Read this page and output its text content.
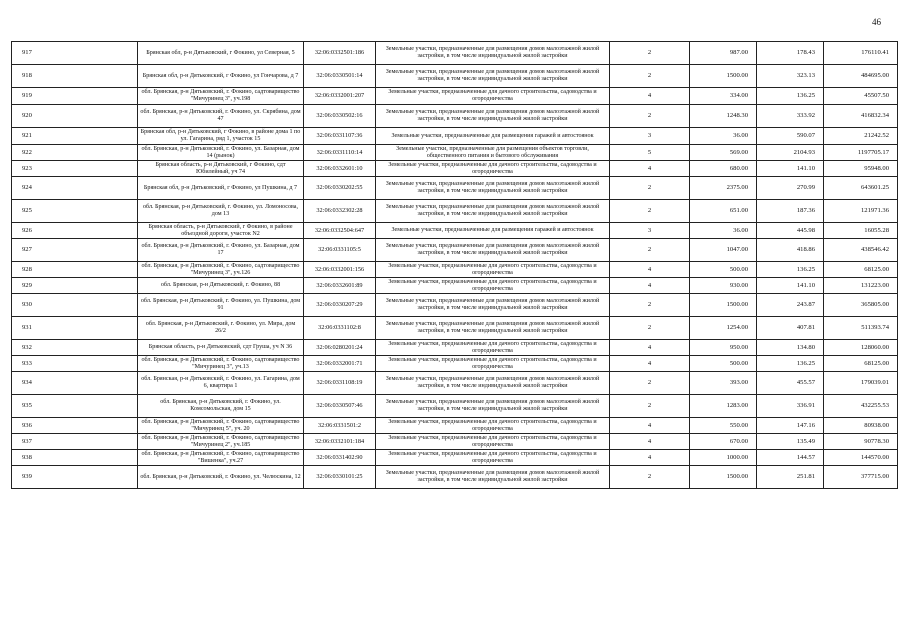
46
917	Брянская обл, р-н Дятьковский, г Фокино, ул Северная, 5	32:06:0332501:186	Земельные участки, предназначенные для размещения домов малоэтажной жилой застройки, в том числе индивидуальной жилой застройки	2	987.00	178.43	176110.41
918	Брянская обл, р-н Дятьковский, г Фокино, ул Гончарова, д 7	32:06:0330501:14	Земельные участки, предназначенные для размещения домов малоэтажной жилой застройки, в том числе индивидуальной жилой застройки	2	1500.00	323.13	484695.00
919	обл. Брянская, р-н Дятьковский, г. Фокино, садтоварищество "Мичуринец 3", уч.198	32:06:0332001:207	Земельные участки, предназначенные для дачного строительства, садоводства и огородничества	4	334.00	136.25	45507.50
920	обл. Брянская, р-н Дятьковский, г. Фокино, ул. Скрябина, дом 47	32:06:0330502:16	Земельные участки, предназначенные для размещения домов малоэтажной жилой застройки, в том числе индивидуальной жилой застройки	2	1248.30	333.92	416832.34
921	Брянская обл, р-н Дятьковский, г Фокино, в районе дома 1 по ул. Гагарина, ряд 1, участок 15	32:06:0331107:36	Земельные участки, предназначенные для размещения гаражей и автостоянок	3	36.00	590.07	21242.52
922	обл. Брянская, р-н Дятьковский, г. Фокино, ул. Базарная, дом 14 (рынок)	32:06:0331110:14	Земельные участки, предназначенные для размещения объектов торговли, общественного питания и бытового обслуживания	5	569.00	2104.93	1197705.17
923	Брянская область, р-н Дятьковский, г Фокино, сдт Юбилейный, уч 74	32:06:0332601:10	Земельные участки, предназначенные для дачного строительства, садоводства и огородничества	4	680.00	141.10	95948.00
924	Брянская обл, р-н Дятьковский, г Фокино, ул Пушкина, д 7	32:06:0330202:55	Земельные участки, предназначенные для размещения домов малоэтажной жилой застройки, в том числе индивидуальной жилой застройки	2	2375.00	270.99	643601.25
925	обл. Брянская, р-н Дятьковский, г. Фокино, ул. Ломоносова, дом 13	32:06:0332302:28	Земельные участки, предназначенные для размещения домов малоэтажной жилой застройки, в том числе индивидуальной жилой застройки	2	651.00	187.36	121971.36
926	Брянская область, р-н Дятьковский, г Фокино, в районе объездной дороги, участок N2	32:06:0332504:647	Земельные участки, предназначенные для размещения гаражей и автостоянок	3	36.00	445.98	16055.28
927	обл. Брянская, р-н Дятьковский, г. Фокино, ул. Базарная, дом 17	32:06:0331105:5	Земельные участки, предназначенные для размещения домов малоэтажной жилой застройки, в том числе индивидуальной жилой застройки	2	1047.00	418.86	438546.42
928	обл. Брянская, р-н Дятьковский, г. Фокино, садтоварищество "Мичуринец 3", уч.126	32:06:0332001:156	Земельные участки, предназначенные для дачного строительства, садоводства и огородничества	4	500.00	136.25	68125.00
929	обл. Брянская, р-н Дятьковский, г. Фокино, 88	32:06:0332601:89	Земельные участки, предназначенные для дачного строительства, садоводства и огородничества	4	930.00	141.10	131223.00
930	обл. Брянская, р-н Дятьковский, г. Фокино, ул. Пушкина, дом 91	32:06:0330207:29	Земельные участки, предназначенные для размещения домов малоэтажной жилой застройки, в том числе индивидуальной жилой застройки	2	1500.00	243.87	365805.00
931	обл. Брянская, р-н Дятьковский, г. Фокино, ул. Мира, дом 26/2	32:06:0331102:8	Земельные участки, предназначенные для размещения домов малоэтажной жилой застройки, в том числе индивидуальной жилой застройки	2	1254.00	407.81	511393.74
932	Брянская область, р-н Дятьковский, сдт Груша, уч N 36	32:06:0280201:24	Земельные участки, предназначенные для дачного строительства, садоводства и огородничества	4	950.00	134.80	128060.00
933	обл. Брянская, р-н Дятьковский, г. Фокино, садтоварищество "Мичуринец 3", уч.13	32:06:0332001:71	Земельные участки, предназначенные для дачного строительства, садоводства и огородничества	4	500.00	136.25	68125.00
934	обл. Брянская, р-н Дятьковский, г. Фокино, ул. Гагарина, дом 6, квартира 1	32:06:0331108:19	Земельные участки, предназначенные для размещения домов малоэтажной жилой застройки, в том числе индивидуальной жилой застройки	2	393.00	455.57	179039.01
935	обл. Брянская, р-н Дятьковский, г. Фокино, ул. Комсомольская, дом 15	32:06:0330507:46	Земельные участки, предназначенные для размещения домов малоэтажной жилой застройки, в том числе индивидуальной жилой застройки	2	1283.00	336.91	432255.53
936	обл. Брянская, р-н Дятьковский, г. Фокино, садтоварищество "Мичуринец 5", уч. 20	32:06:0331501:2	Земельные участки, предназначенные для дачного строительства, садоводства и огородничества	4	550.00	147.16	80938.00
937	обл. Брянская, р-н Дятьковский, г. Фокино, садтоварищество "Мичуринец 2", уч.185	32:06:0332101:184	Земельные участки, предназначенные для дачного строительства, садоводства и огородничества	4	670.00	135.49	90778.30
938	обл. Брянская, р-н Дятьковский, г. Фокино, садтоварищество "Вишенка", уч.27	32:06:0331402:90	Земельные участки, предназначенные для дачного строительства, садоводства и огородничества	4	1000.00	144.57	144570.00
939	обл. Брянская, р-н Дятьковский, г. Фокино, ул. Челюскина, 12	32:06:0330101:25	Земельные участки, предназначенные для размещения домов малоэтажной жилой застройки, в том числе индивидуальной жилой застройки	2	1500.00	251.81	377715.00
